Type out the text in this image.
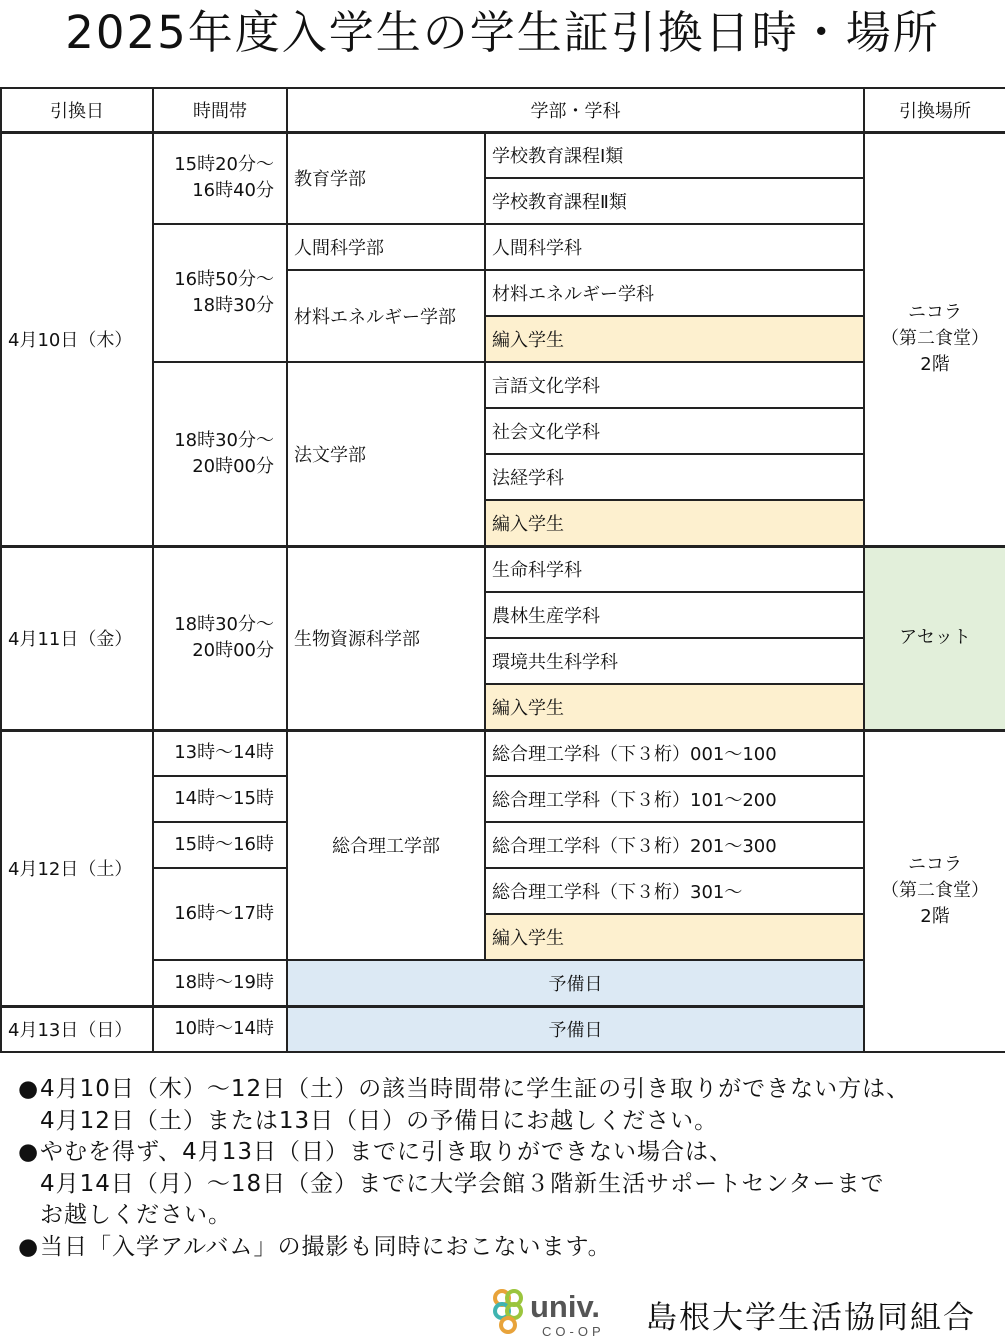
2025年度入学生の学生証引換日時・場所
引換日	時間帯	学部・学科		引換場所
4月10日（木）	15時20分～
16時40分	教育学部	学校教育課程Ⅰ類	ニコラ
（第二食堂）
2階
			学校教育課程Ⅱ類	
	16時50分～
18時30分	人間科学部	人間科学科	
		材料エネルギー学部	材料エネルギー学科	
			編入学生	
	18時30分～
20時00分	法文学部	言語文化学科	
			社会文化学科	
			法経学科	
			編入学生	
4月11日（金）	18時30分～
20時00分	生物資源科学部	生命科学科	アセット
			農林生産学科	
			環境共生科学科	
			編入学生	
4月12日（土）	13時～14時	総合理工学部	総合理工学科（下３桁）001～100	ニコラ
（第二食堂）
2階
	14時～15時		総合理工学科（下３桁）101～200	
	15時～16時		総合理工学科（下３桁）201～300	
	16時～17時		総合理工学科（下３桁）301～	
			編入学生	
	18時～19時	予備日		
4月13日（日）	10時～14時	予備日		
●4月10日（木）～12日（土）の該当時間帯に学生証の引き取りができない方は、
4月12日（土）または13日（日）の予備日にお越しください。
●やむを得ず、4月13日（日）までに引き取りができない場合は、
4月14日（月）～18日（金）までに大学会館３階新生活サポートセンターまで
お越しください。
●当日「入学アルバム」の撮影も同時におこないます。
univ.
CO-OP 島根大学生活協同組合
